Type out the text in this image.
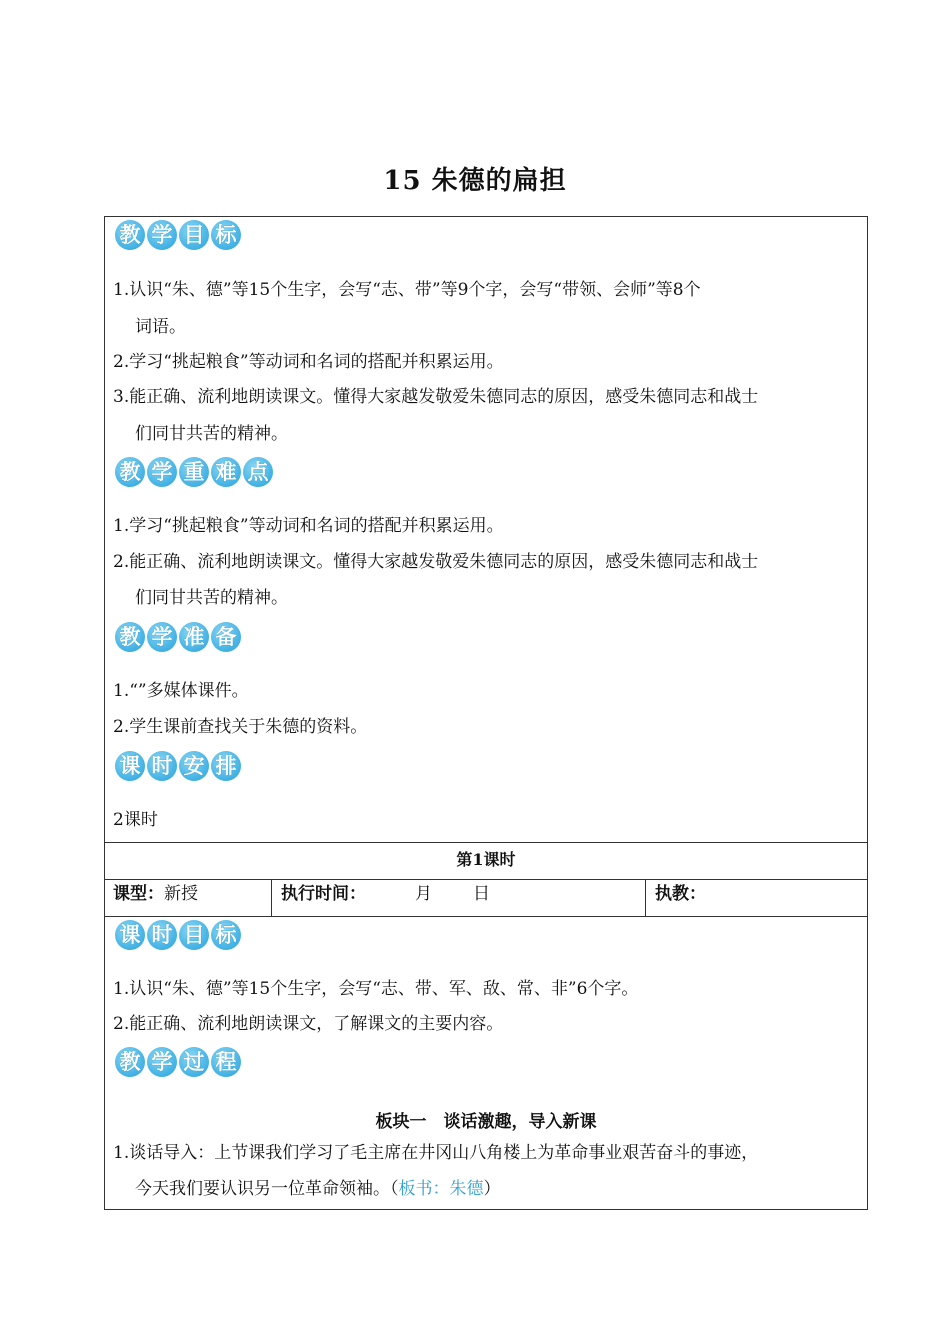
15 朱德的扁担
教 学 目 标
1.认识“朱、德”等15个生字，会写“志、带”等9个字，会写“带领、会师”等8个
词语。
2.学习“挑起粮食”等动词和名词的搭配并积累运用。
3.能正确、流利地朗读课文。懂得大家越发敬爱朱德同志的原因，感受朱德同志和战士
们同甘共苦的精神。
教 学 重 难 点
1.学习“挑起粮食”等动词和名词的搭配并积累运用。
2.能正确、流利地朗读课文。懂得大家越发敬爱朱德同志的原因，感受朱德同志和战士
们同甘共苦的精神。
教 学 准 备
1.“”多媒体课件。
2.学生课前查找关于朱德的资料。
课 时 安 排
2课时
第1课时
课型：新授	执行时间：	月 日	执教：
课 时 目 标
1.认识“朱、德”等15个生字，会写“志、带、军、敌、常、非”6个字。
2.能正确、流利地朗读课文，了解课文的主要内容。
教 学 过 程
板块一　谈话激趣，导入新课
1.谈话导入：上节课我们学习了毛主席在井冈山八角楼上为革命事业艰苦奋斗的事迹，
今天我们要认识另一位革命领袖。（板书：朱德）
